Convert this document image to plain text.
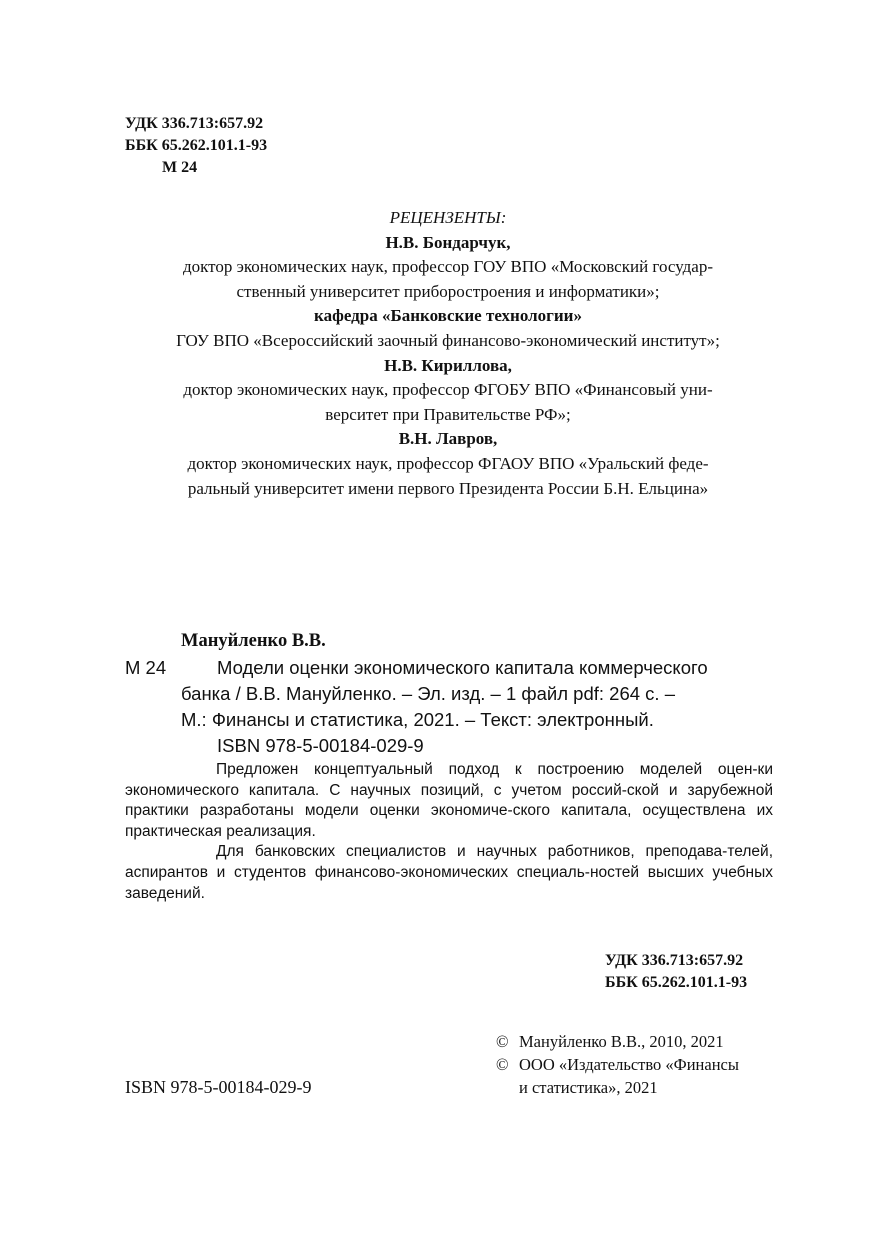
УДК 336.713:657.92
ББК 65.262.101.1-93
М 24
РЕЦЕНЗЕНТЫ:
Н.В. Бондарчук,
доктор экономических наук, профессор ГОУ ВПО «Московский государ-
ственный университет приборостроения и информатики»;
кафедра «Банковские технологии»
ГОУ ВПО «Всероссийский заочный финансово-экономический институт»;
Н.В. Кириллова,
доктор экономических наук, профессор ФГОБУ ВПО «Финансовый уни-
верситет при Правительстве РФ»;
В.Н. Лавров,
доктор экономических наук, профессор ФГАОУ ВПО «Уральский феде-
ральный университет имени первого Президента России Б.Н. Ельцина»
Мануйленко В.В.
М 24	Модели оценки экономического капитала коммерческого
банка / В.В. Мануйленко. – Эл. изд. – 1 файл pdf: 264 с. –
М.: Финансы и статистика, 2021. – Текст: электронный.
ISBN 978-5-00184-029-9

Предложен концептуальный подход к построению моделей оцен-ки экономического капитала. С научных позиций, с учетом россий-ской и зарубежной практики разработаны модели оценки экономиче-ского капитала, осуществлена их практическая реализация.

Для банковских специалистов и научных работников, преподава-телей, аспирантов и студентов финансово-экономических специаль-ностей высших учебных заведений.

УДК 336.713:657.92
ББК 65.262.101.1-93
ISBN 978-5-00184-029-9
© Мануйленко В.В., 2010, 2021
© ООО «Издательство «Финансы
и статистика», 2021
